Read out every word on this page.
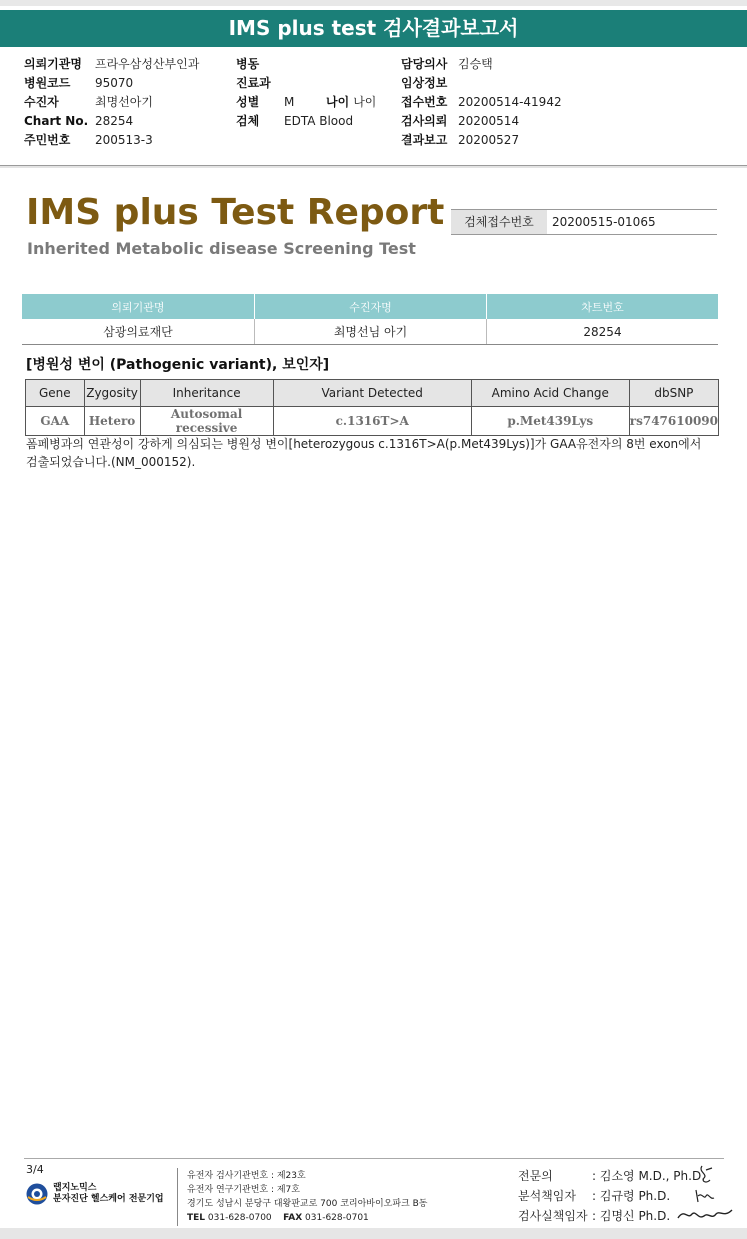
IMS plus test 검사결과보고서
의뢰기관명	프라우삼성산부인과
병원코드	95070
수진자	최명선아기
Chart No. 28254
주민번호	200513-3
병동
진료과
성별	M	나이 나이
검체	EDTA Blood
담당의사 김승택
임상정보
접수번호 20200514-41942
검사의뢰 20200514
결과보고 20200527
IMS plus Test Report
Inherited Metabolic disease Screening Test
검체접수번호	20200515-01065
의뢰기관명	수진자명	차트번호
삼광의료재단	최명선님 아기	28254
[병원성 변이 (Pathogenic variant), 보인자]
Gene	Zygosity	Inheritance	Variant Detected	Amino Acid Change	dbSNP
GAA	Hetero	Autosomal recessive	c.1316T>A	p.Met439Lys	rs747610090
폼페병과의 연관성이 강하게 의심되는 병원성 변이[heterozygous c.1316T>A(p.Met439Lys)]가 GAA유전자의 8번 exon에서 검출되었습니다.(NM_000152).
3/4
랩지노믹스
분자진단 헬스케어 전문기업
유전자 검사기관번호 : 제23호
유전자 연구기관번호 : 제7호
경기도 성남시 분당구 대왕판교로 700 코리아바이오파크 B동
TEL 031-628-0700 FAX 031-628-0701
전문의	: 김소영 M.D., Ph.D.
분석책임자	: 김규령 Ph.D.
검사실책임자 : 김명신 Ph.D.
